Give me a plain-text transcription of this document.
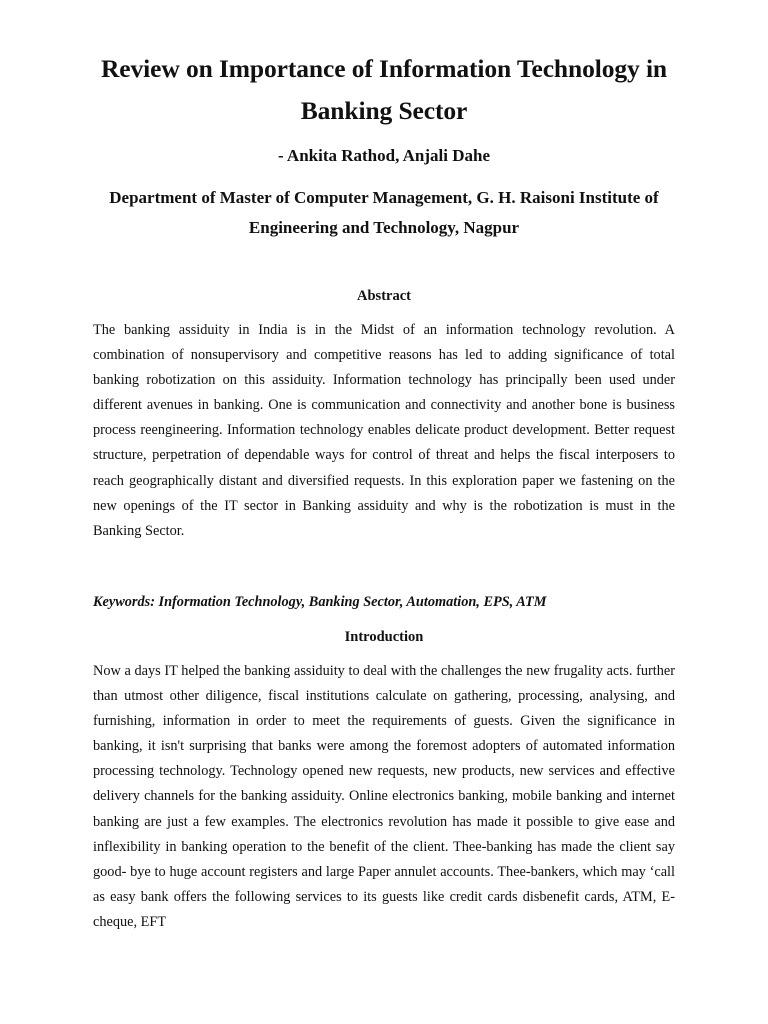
Review on Importance of Information Technology in Banking Sector
- Ankita Rathod, Anjali Dahe
Department of Master of Computer Management, G. H. Raisoni Institute of Engineering and Technology, Nagpur
Abstract

The banking assiduity in India is in the Midst of an information technology revolution. A combination of nonsupervisory and competitive reasons has led to adding significance of total banking robotization on this assiduity. Information technology has principally been used under different avenues in banking. One is communication and connectivity and another bone is business process reengineering. Information technology enables delicate product development. Better request structure, perpetration of dependable ways for control of threat and helps the fiscal interposers to reach geographically distant and diversified requests. In this exploration paper we fastening on the new openings of the IT sector in Banking assiduity and why is the robotization is must in the Banking Sector.

Keywords: Information Technology, Banking Sector, Automation, EPS, ATM
Introduction

Now a days IT helped the banking assiduity to deal with the challenges the new frugality acts. further than utmost other diligence, fiscal institutions calculate on gathering, processing, analysing, and furnishing, information in order to meet the requirements of guests. Given the significance in banking, it isn't surprising that banks were among the foremost adopters of automated information processing technology. Technology opened new requests, new products, new services and effective delivery channels for the banking assiduity. Online electronics banking, mobile banking and internet banking are just a few examples. The electronics revolution has made it possible to give ease and inflexibility in banking operation to the benefit of the client. Thee-banking has made the client say good- bye to huge account registers and large Paper annulet accounts. Thee-bankers, which may ‘call as easy bank offers the following services to its guests like credit cards disbenefit cards, ATM, E-cheque, EFT
